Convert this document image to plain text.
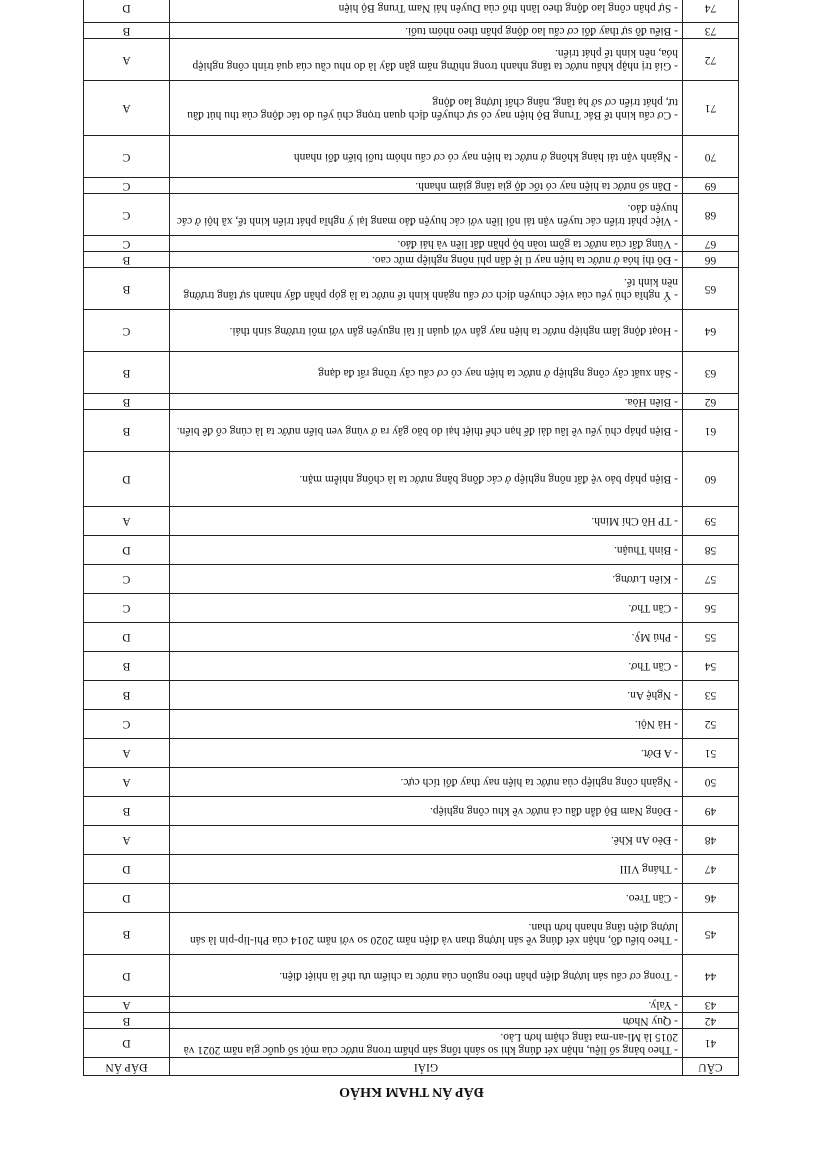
ĐÁP ÁN THAM KHẢO
CÂU	GIẢI	ĐÁP ÁN
41	- Theo bảng số liệu, nhận xét đúng khi so sánh tổng sản phẩm trong nước của một số quốc gia năm 2021 và 2015 là Mi-an-ma tăng chậm hơn Lào.	D
42	- Quy Nhơn	B
43	- Yaly.	A
44	- Trong cơ cấu sản lượng điện phân theo nguồn của nước ta chiếm ưu thế là nhiệt điện.	D
45	- Theo biểu đồ, nhận xét đúng về sản lượng than và điện năm 2020 so với năm 2014 của Phi-lip-pin là sản lượng điện tăng nhanh hơn than.	B
46	- Cần Treo.	D
47	- Tháng VIII	D
48	- Đèo An Khê.	A
49	- Đông Nam Bộ dẫn đầu cả nước về khu công nghiệp.	B
50	- Ngành công nghiệp của nước ta hiện nay thay đổi tích cực.	A
51	- A Đớt.	A
52	- Hà Nội.	C
53	- Nghệ An.	B
54	- Cần Thơ.	B
55	- Phú Mỹ.	D
56	- Cần Thơ.	C
57	- Kiên Lương.	C
58	- Bình Thuận.	D
59	- TP Hồ Chí Minh.	A
60	- Biện pháp bảo vệ đất nông nghiệp ở các đồng bằng nước ta là chống nhiễm mặn.	D
61	- Biện pháp chủ yếu về lâu dài để hạn chế thiệt hại do bão gây ra ở vùng ven biển nước ta là củng cố đê biển.	B
62	- Biên Hòa.	B
63	- Sản xuất cây công nghiệp ở nước ta hiện nay có cơ cấu cây trồng rất đa dạng	B
64	- Hoạt động lâm nghiệp nước ta hiện nay gắn với quản lí tài nguyên gắn với môi trường sinh thái.	C
65	- Ý nghĩa chủ yếu của việc chuyển dịch cơ cấu ngành kinh tế nước ta là góp phần đẩy nhanh sự tăng trưởng nền kinh tế.	B
66	- Đô thị hóa ở nước ta hiện nay tỉ lệ dân phi nông nghiệp mức cao.	B
67	- Vùng đất của nước ta gồm toàn bộ phần đất liền và hải đảo.	C
68	- Việc phát triển các tuyến vận tải nối liền với các huyện đảo mang lại ý nghĩa phát triển kinh tế, xã hội ở các huyện đảo.	C
69	- Dân số nước ta hiện nay có tốc độ gia tăng giảm nhanh.	C
70	- Ngành vận tải hàng không ở nước ta hiện nay có cơ cấu nhóm tuổi biến đổi nhanh	C
71	- Cơ cấu kinh tế Bắc Trung Bộ hiện nay có sự chuyển dịch quan trọng chủ yếu do tác động của thu hút đầu tư, phát triển cơ sở hạ tầng, nâng chất lượng lao động	A
72	- Giá trị nhập khẩu nước ta tăng nhanh trong những năm gần đây là do nhu cầu của quá trình công nghiệp hóa, nền kinh tế phát triển.	A
73	- Biểu đồ sự thay đổi cơ cấu lao động phân theo nhóm tuổi.	B
74	- Sự phân công lao động theo lãnh thổ của Duyên hải Nam Trung Bộ hiện	D
